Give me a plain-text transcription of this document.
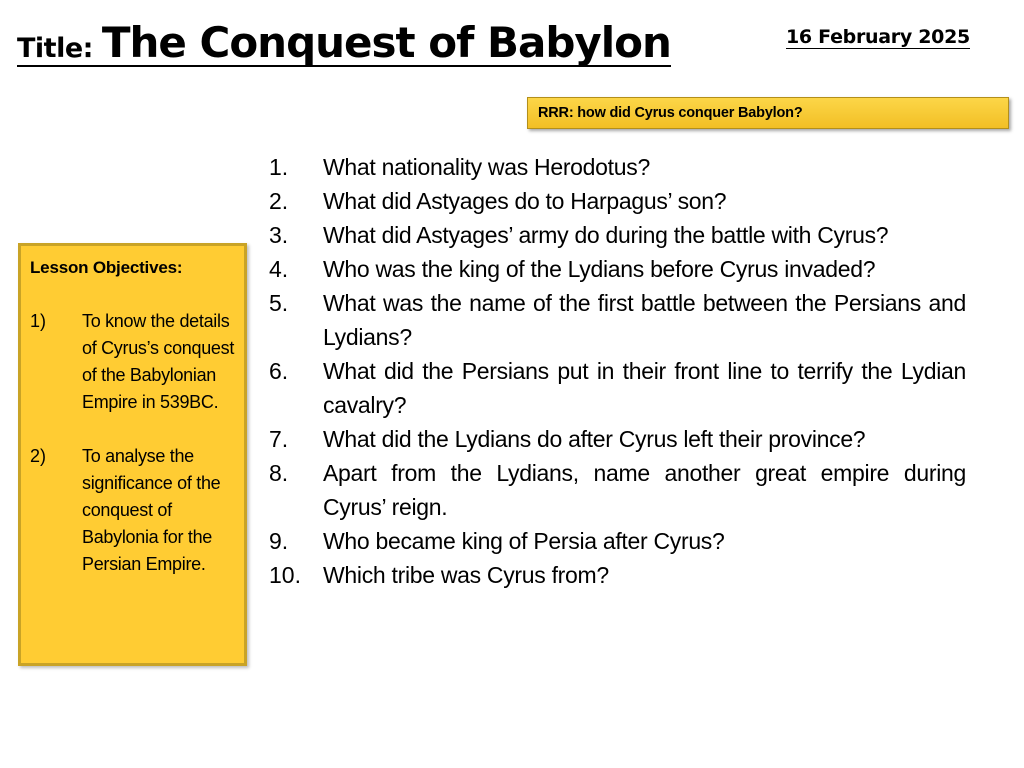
Title: The Conquest of Babylon	16 February 2025
RRR: how did Cyrus conquer Babylon?
Lesson Objectives:
1)	To know the details of Cyrus’s conquest of the Babylonian Empire in 539BC.
2)	To analyse the significance of the conquest of Babylonia for the Persian Empire.
1.	What nationality was Herodotus?
2.	What did Astyages do to Harpagus’ son?
3.	What did Astyages’ army do during the battle with Cyrus?
4.	Who was the king of the Lydians before Cyrus invaded?
5.	What was the name of the first battle between the Persians and Lydians?
6.	What did the Persians put in their front line to terrify the Lydian cavalry?
7.	What did the Lydians do after Cyrus left their province?
8.	Apart from the Lydians, name another great empire during Cyrus’ reign.
9.	Who became king of Persia after Cyrus?
10. Which tribe was Cyrus from?
